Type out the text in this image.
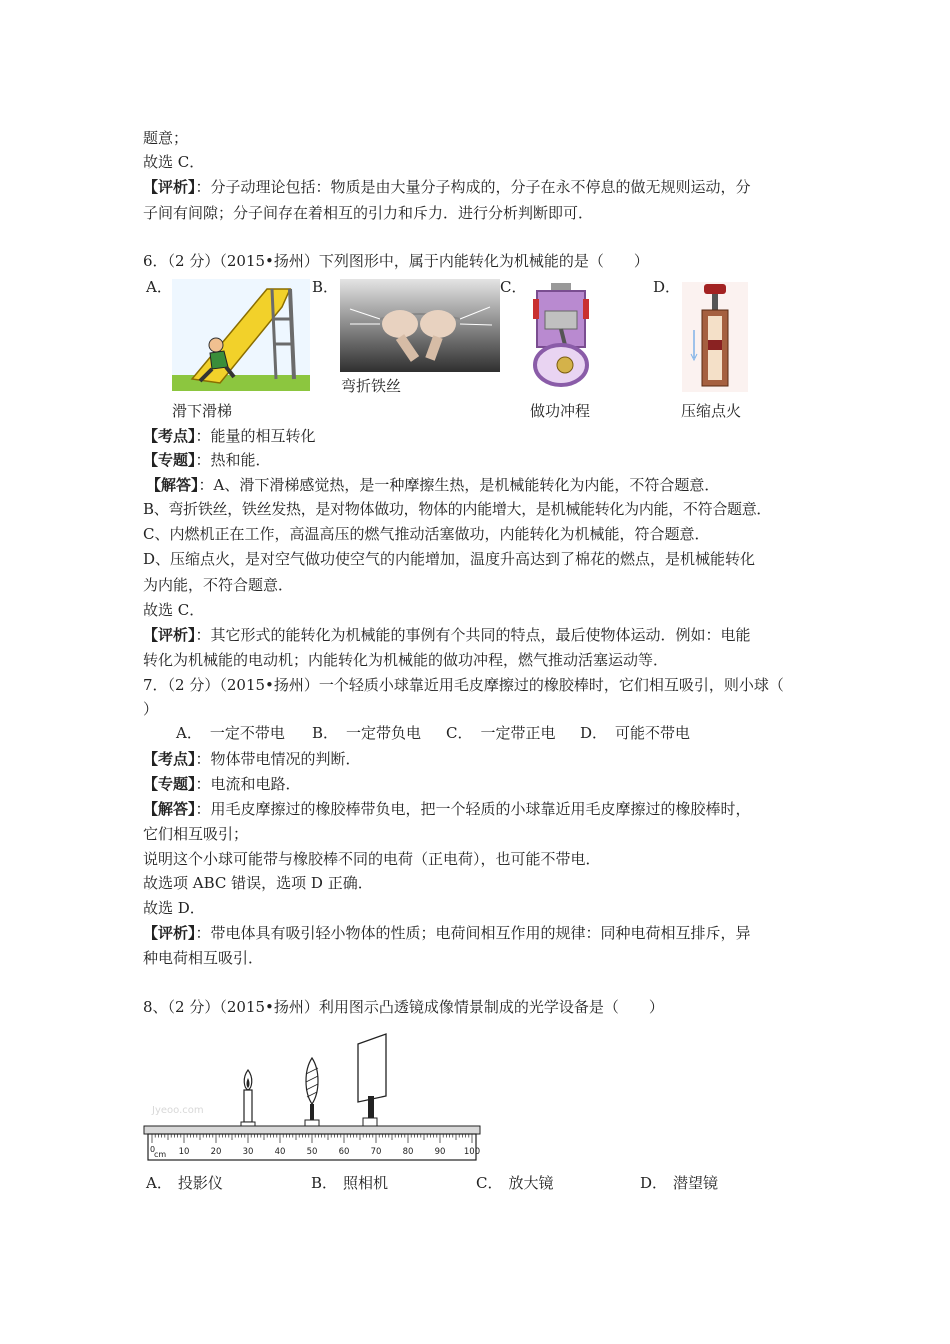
题意；
故选 C．
【评析】：分子动理论包括：物质是由大量分子构成的，分子在永不停息的做无规则运动，分
子间有间隙；分子间存在着相互的引力和斥力．进行分析判断即可．
6．（2 分）（2015•扬州）下列图形中，属于内能转化为机械能的是（　　）
A．	B．	C．	D．
滑下滑梯
弯折铁丝
做功冲程	压缩点火
【考点】：能量的相互转化
【专题】：热和能．
【解答】：A、滑下滑梯感觉热，是一种摩擦生热，是机械能转化为内能，不符合题意．
B、弯折铁丝，铁丝发热，是对物体做功，物体的内能增大，是机械能转化为内能，不符合题意．
C、内燃机正在工作，高温高压的燃气推动活塞做功，内能转化为机械能，符合题意．
D、压缩点火，是对空气做功使空气的内能增加，温度升高达到了棉花的燃点，是机械能转化
为内能，不符合题意．
故选 C．
【评析】：其它形式的能转化为机械能的事例有个共同的特点，最后使物体运动．例如：电能
转化为机械能的电动机；内能转化为机械能的做功冲程，燃气推动活塞运动等．
7．（2 分）（2015•扬州）一个轻质小球靠近用毛皮摩擦过的橡胶棒时，它们相互吸引，则小球（
）
A． 一定不带电 B． 一定带负电 C． 一定带正电 D． 可能不带电
【考点】：物体带电情况的判断．
【专题】：电流和电路．
【解答】：用毛皮摩擦过的橡胶棒带负电，把一个轻质的小球靠近用毛皮摩擦过的橡胶棒时，
它们相互吸引；
说明这个小球可能带与橡胶棒不同的电荷（正电荷），也可能不带电．
故选项 ABC 错误，选项 D 正确．
故选 D．
【评析】：带电体具有吸引轻小物体的性质；电荷间相互作用的规律：同种电荷相互排斥，异
种电荷相互吸引．
8、（2 分）（2015•扬州）利用图示凸透镜成像情景制成的光学设备是（　　）
10 20 30 40 50 60 70 80 90 100
0
cm
Jyeoo.com
A． 投影仪	B． 照相机	C． 放大镜	D． 潜望镜
